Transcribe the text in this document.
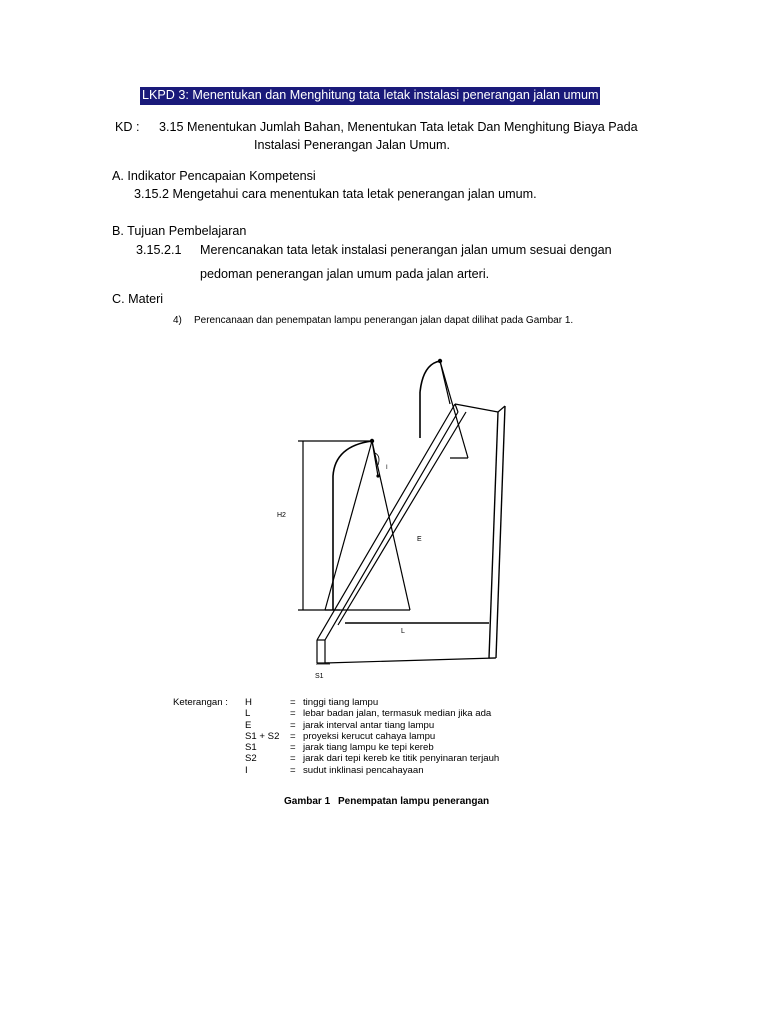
LKPD 3: Menentukan dan Menghitung tata letak instalasi penerangan jalan umum
KD : 3.15 Menentukan Jumlah Bahan, Menentukan Tata letak Dan Menghitung Biaya Pada
Instalasi Penerangan Jalan Umum.
A. Indikator Pencapaian Kompetensi
3.15.2 Mengetahui cara menentukan tata letak penerangan jalan umum.
B. Tujuan Pembelajaran
3.15.2.1 Merencanakan tata letak instalasi penerangan jalan umum sesuai dengan
pedoman penerangan jalan umum pada jalan arteri.
C. Materi
4) Perencanaan dan penempatan lampu penerangan jalan dapat dilihat pada Gambar 1.
H2
E
L
I
S1
Keterangan : H
L
E
S1 + S2
S1
S2
I
=
=
=
=
=
=
=
tinggi tiang lampu
lebar badan jalan, termasuk median jika ada
jarak interval antar tiang lampu
proyeksi kerucut cahaya lampu
jarak tiang lampu ke tepi kereb
jarak dari tepi kereb ke titik penyinaran terjauh
sudut inklinasi pencahayaan
Gambar 1 Penempatan lampu penerangan
